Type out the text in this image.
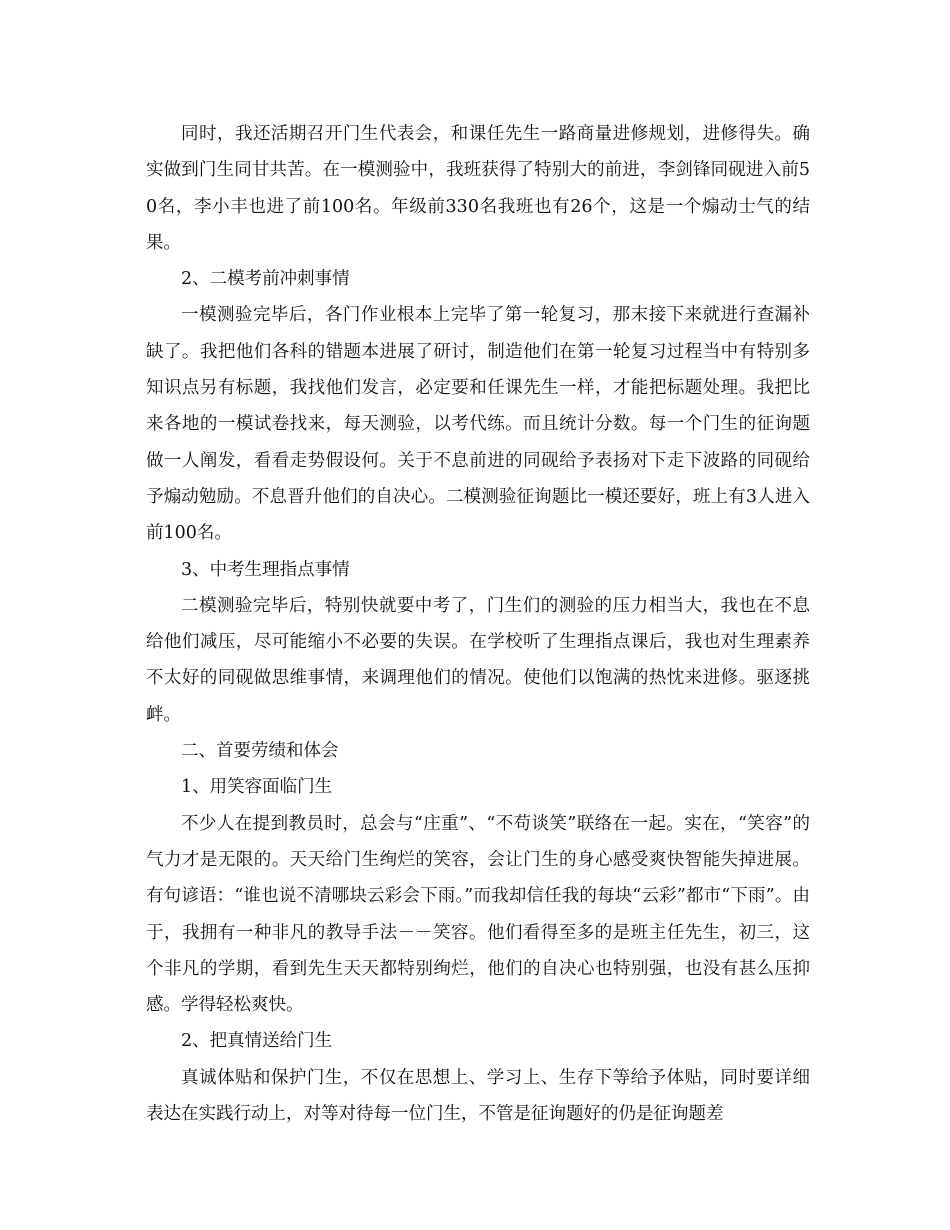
同时，我还活期召开门生代表会，和课任先生一路商量进修规划，进修得失。确实做到门生同甘共苦。在一模测验中，我班获得了特别大的前进，李剑锋同砚进入前50名，李小丰也进了前100名。年级前330名我班也有26个，这是一个煽动士气的结果。

2、二模考前冲刺事情

一模测验完毕后，各门作业根本上完毕了第一轮复习，那末接下来就进行查漏补缺了。我把他们各科的错题本进展了研讨，制造他们在第一轮复习过程当中有特别多知识点另有标题，我找他们发言，必定要和任课先生一样，才能把标题处理。我把比来各地的一模试卷找来，每天测验，以考代练。而且统计分数。每一个门生的征询题做一人阐发，看看走势假设何。关于不息前进的同砚给予表扬对下走下波路的同砚给予煽动勉励。不息晋升他们的自决心。二模测验征询题比一模还要好，班上有3人进入前100名。

3、中考生理指点事情

二模测验完毕后，特别快就要中考了，门生们的测验的压力相当大，我也在不息给他们减压，尽可能缩小不必要的失误。在学校听了生理指点课后，我也对生理素养不太好的同砚做思维事情，来调理他们的情况。使他们以饱满的热忱来进修。驱逐挑衅。

二、首要劳绩和体会

1、用笑容面临门生

不少人在提到教员时，总会与“庄重”、“不苟谈笑”联络在一起。实在，“笑容”的气力才是无限的。天天给门生绚烂的笑容，会让门生的身心感受爽快智能失掉进展。有句谚语：“谁也说不清哪块云彩会下雨。”而我却信任我的每块“云彩”都市“下雨”。由于，我拥有一种非凡的教导手法－－笑容。他们看得至多的是班主任先生，初三，这个非凡的学期，看到先生天天都特别绚烂，他们的自决心也特别强，也没有甚么压抑感。学得轻松爽快。

2、把真情送给门生

真诚体贴和保护门生，不仅在思想上、学习上、生存下等给予体贴，同时要详细表达在实践行动上，对等对待每一位门生，不管是征询题好的仍是征询题差
